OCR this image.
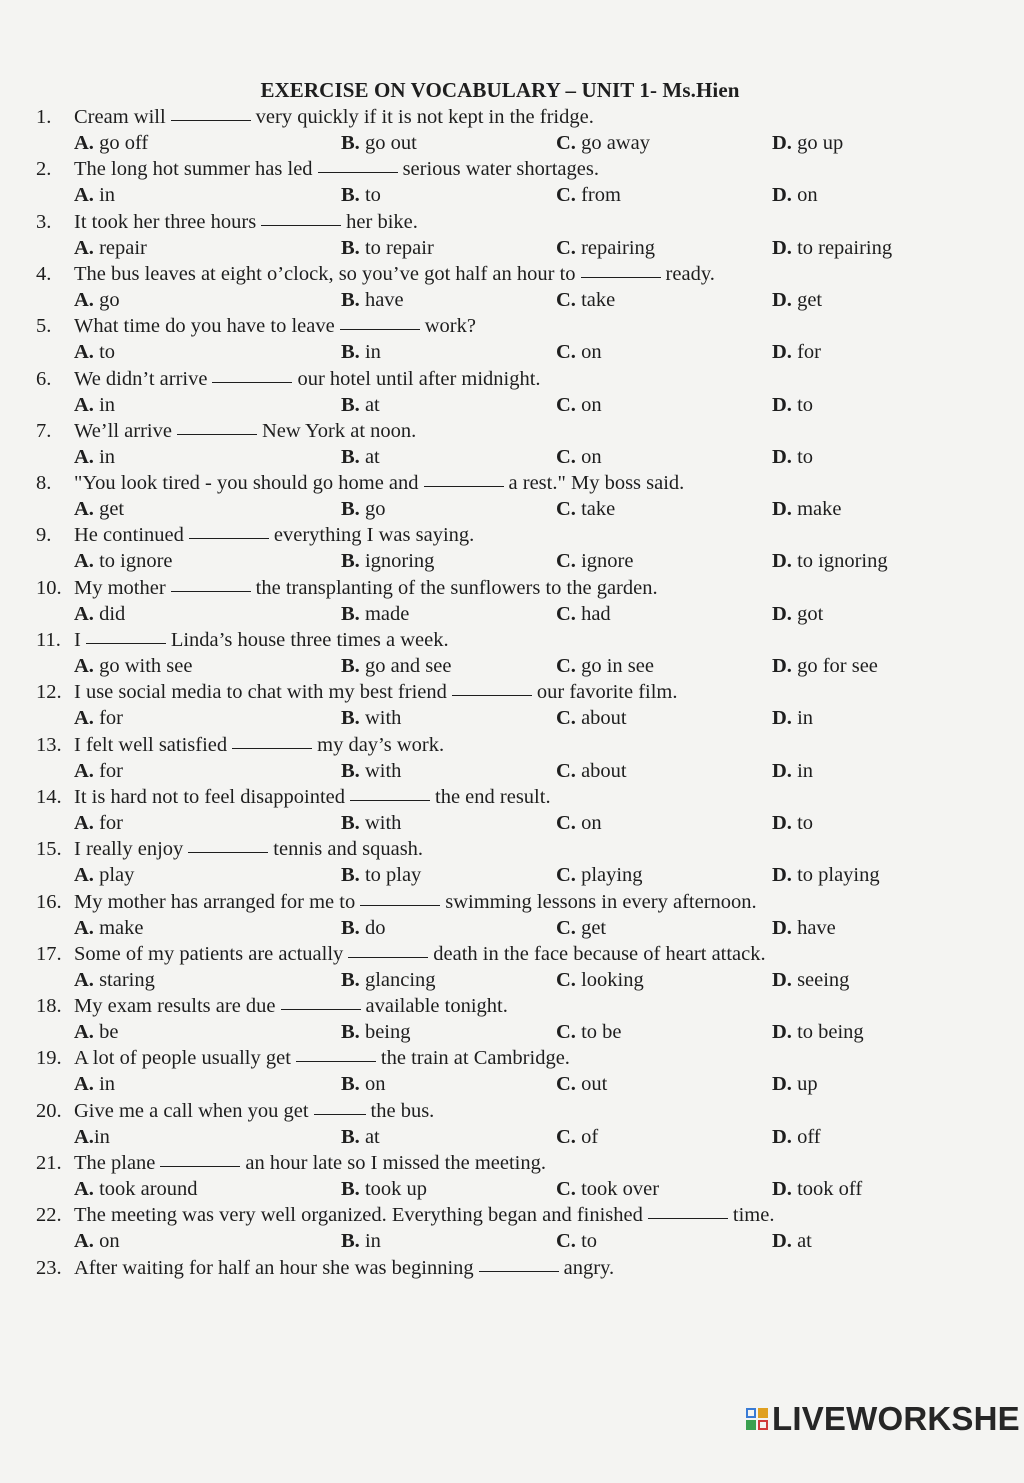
EXERCISE ON VOCABULARY – UNIT 1- Ms.Hien
1. Cream will	very quickly if it is not kept in the fridge.
A. go off	B. go out	C. go away	D. go up
2. The long hot summer has led	serious water shortages.
A. in	B. to	C. from	D. on
3. It took her three hours	her bike.
A. repair	B. to repair	C. repairing	D. to repairing
4. The bus leaves at eight o’clock, so you’ve got half an hour to	ready.
A. go	B. have	C. take	D. get
5. What time do you have to leave	work?
A. to	B. in	C. on	D. for
6. We didn’t arrive	our hotel until after midnight.
A. in	B. at	C. on	D. to
7. We’ll arrive	New York at noon.
A. in	B. at	C. on	D. to
8. "You look tired - you should go home and	a rest." My boss said.
A. get	B. go	C. take	D. make
9. He continued	everything I was saying.
A. to ignore	B. ignoring	C. ignore	D. to ignoring
10. My mother	the transplanting of the sunflowers to the garden.
A. did	B. made	C. had	D. got
11. I	Linda’s house three times a week.
A. go with see	B. go and see	C. go in see	D. go for see
12. I use social media to chat with my best friend	our favorite film.
A. for	B. with	C. about	D. in
13. I felt well satisfied	my day’s work.
A. for	B. with	C. about	D. in
14. It is hard not to feel disappointed	the end result.
A. for	B. with	C. on	D. to
15. I really enjoy	tennis and squash.
A. play	B. to play	C. playing	D. to playing
16. My mother has arranged for me to	swimming lessons in every afternoon.
A. make	B. do	C. get	D. have
17. Some of my patients are actually	death in the face because of heart attack.
A. staring	B. glancing	C. looking	D. seeing
18. My exam results are due	available tonight.
A. be	B. being	C. to be	D. to being
19. A lot of people usually get	the train at Cambridge.
A. in	B. on	C. out	D. up
20. Give me a call when you get	the bus.
A.in	B. at	C. of	D. off
21. The plane	an hour late so I missed the meeting.
A. took around	B. took up	C. took over	D. took off
22. The meeting was very well organized. Everything began and finished	time.
A. on	B. in	C. to	D. at
23. After waiting for half an hour she was beginning	angry.
LIVEWORKSHE
